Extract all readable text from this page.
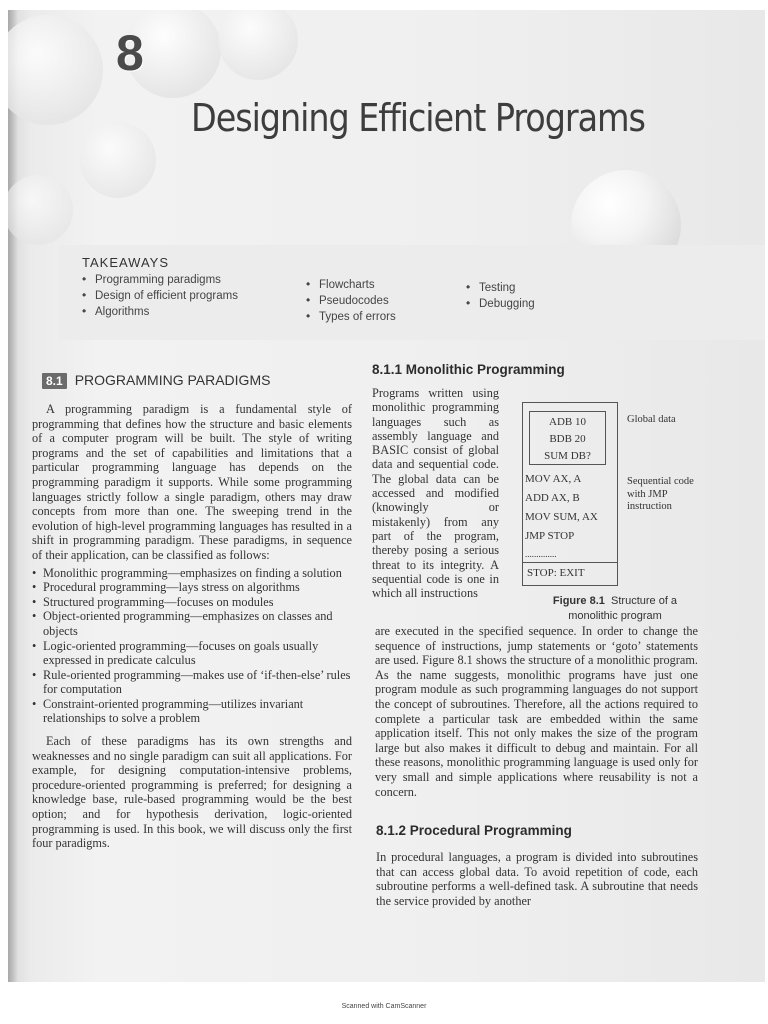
8
Designing Efficient Programs
TAKEAWAYS
• Programming paradigms
• Design of efficient programs
• Algorithms
• Flowcharts
• Pseudocodes
• Types of errors
• Testing
• Debugging
8.1 PROGRAMMING PARADIGMS

A programming paradigm is a fundamental style of programming that defines how the structure and basic elements of a computer program will be built. The style of writing programs and the set of capabilities and limitations that a particular programming language has depends on the programming paradigm it supports. While some programming languages strictly follow a single paradigm, others may draw concepts from more than one. The sweeping trend in the evolution of high-level programming languages has resulted in a shift in programming paradigm. These paradigms, in sequence of their application, can be classified as follows:

• Monolithic programming—emphasizes on finding a solution
• Procedural programming—lays stress on algorithms
• Structured programming—focuses on modules
• Object-oriented programming—emphasizes on classes and objects
• Logic-oriented programming—focuses on goals usually expressed in predicate calculus
• Rule-oriented programming—makes use of ‘if-then-else’ rules for computation
• Constraint-oriented programming—utilizes invariant relationships to solve a problem

Each of these paradigms has its own strengths and weaknesses and no single paradigm can suit all applications. For example, for designing computation-intensive problems, procedure-oriented programming is preferred; for designing a knowledge base, rule-based programming would be the best option; and for hypothesis derivation, logic-oriented programming is used. In this book, we will discuss only the first four paradigms.

8.1.1 Monolithic Programming
Programs written using monolithic programming languages such as assembly language and BASIC consist of global data and sequential code. The global data can be accessed and modified (knowingly or mistakenly) from any part of the program, thereby posing a serious threat to its integrity. A sequential code is one in which all instructions
ADB 10
BDB 20
SUM DB?
MOV AX, A
ADD AX, B
MOV SUM, AX
JMP STOP
..............
STOP: EXIT
Global data
Sequential code with JMP instruction
Figure 8.1 Structure of a monolithic program
are executed in the specified sequence. In order to change the sequence of instructions, jump statements or ‘goto’ statements are used. Figure 8.1 shows the structure of a monolithic program. As the name suggests, monolithic programs have just one program module as such programming languages do not support the concept of subroutines. Therefore, all the actions required to complete a particular task are embedded within the same application itself. This not only makes the size of the program large but also makes it difficult to debug and maintain. For all these reasons, monolithic programming language is used only for very small and simple applications where reusability is not a concern.
8.1.2 Procedural Programming
In procedural languages, a program is divided into subroutines that can access global data. To avoid repetition of code, each subroutine performs a well-defined task. A subroutine that needs the service provided by another
Scanned with CamScanner
